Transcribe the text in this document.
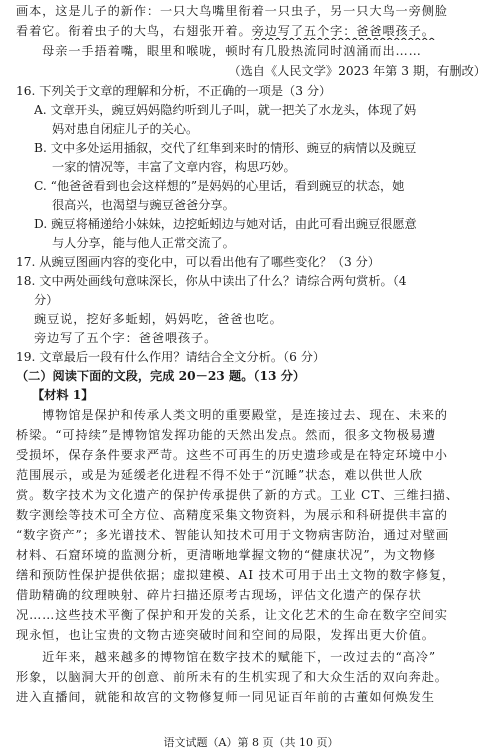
画本，这是儿子的新作：一只大鸟嘴里衔着一只虫子，另一只大鸟一旁侧脸
看着它。衔着虫子的大鸟，右翅张开着。旁边写了五个字：爸爸喂孩子。
　　母亲一手捂着嘴，眼里和喉咙，顿时有几股热流同时汹涌而出……
（选自《人民文学》2023 年第 3 期，有删改）
16. 下列关于文章的理解和分析，不正确的一项是（3 分）
A. 文章开头，豌豆妈妈隐约听到儿子叫，就一把关了水龙头，体现了妈
妈对患自闭症儿子的关心。
B. 文中多处运用插叙，交代了红隼到来时的情形、豌豆的病情以及豌豆
一家的情况等，丰富了文章内容，构思巧妙。
C. “他爸爸看到也会这样想的”是妈妈的心里话，看到豌豆的状态，她
很高兴，也渴望与豌豆爸爸分享。
D. 豌豆将桶递给小妹妹，边挖蚯蚓边与她对话，由此可看出豌豆很愿意
与人分享，能与他人正常交流了。
17. 从豌豆图画内容的变化中，可以看出他有了哪些变化？（3 分）
18. 文中两处画线句意味深长，你从中读出了什么？请综合两句赏析。（4
分）
豌豆说，挖好多蚯蚓，妈妈吃，爸爸也吃。
旁边写了五个字：爸爸喂孩子。
19. 文章最后一段有什么作用？请结合全文分析。（6 分）
（二）阅读下面的文段，完成 20－23 题。（13 分）
【材料 1】
　　博物馆是保护和传承人类文明的重要殿堂，是连接过去、现在、未来的
桥梁。“可持续”是博物馆发挥功能的天然出发点。然而，很多文物极易遭
受损坏，保存条件要求严苛。这些不可再生的历史遗珍或是在特定环境中小
范围展示，或是为延缓老化进程不得不处于“沉睡”状态，难以供世人欣
赏。数字技术为文化遗产的保护传承提供了新的方式。工业 CT、三维扫描、
数字测绘等技术可全方位、高精度采集文物资料，为展示和科研提供丰富的
“数字资产”；多光谱技术、智能认知技术可用于文物病害防治，通过对壁画
材料、石窟环境的监测分析，更清晰地掌握文物的“健康状况”，为文物修
缮和预防性保护提供依据；虚拟建模、AI 技术可用于出土文物的数字修复，
借助精确的纹理映射、碎片扫描还原考古现场，评估文化遗产的保存状
况……这些技术平衡了保护和开发的关系，让文化艺术的生命在数字空间实
现永恒，也让宝贵的文物古迹突破时间和空间的局限，发挥出更大价值。
　　近年来，越来越多的博物馆在数字技术的赋能下，一改过去的“高冷”
形象，以脑洞大开的创意、前所未有的生机实现了和大众生活的双向奔赴。
进入直播间，就能和故宫的文物修复师一同见证百年前的古董如何焕发生
语文试题（A）第 8 页（共 10 页）
